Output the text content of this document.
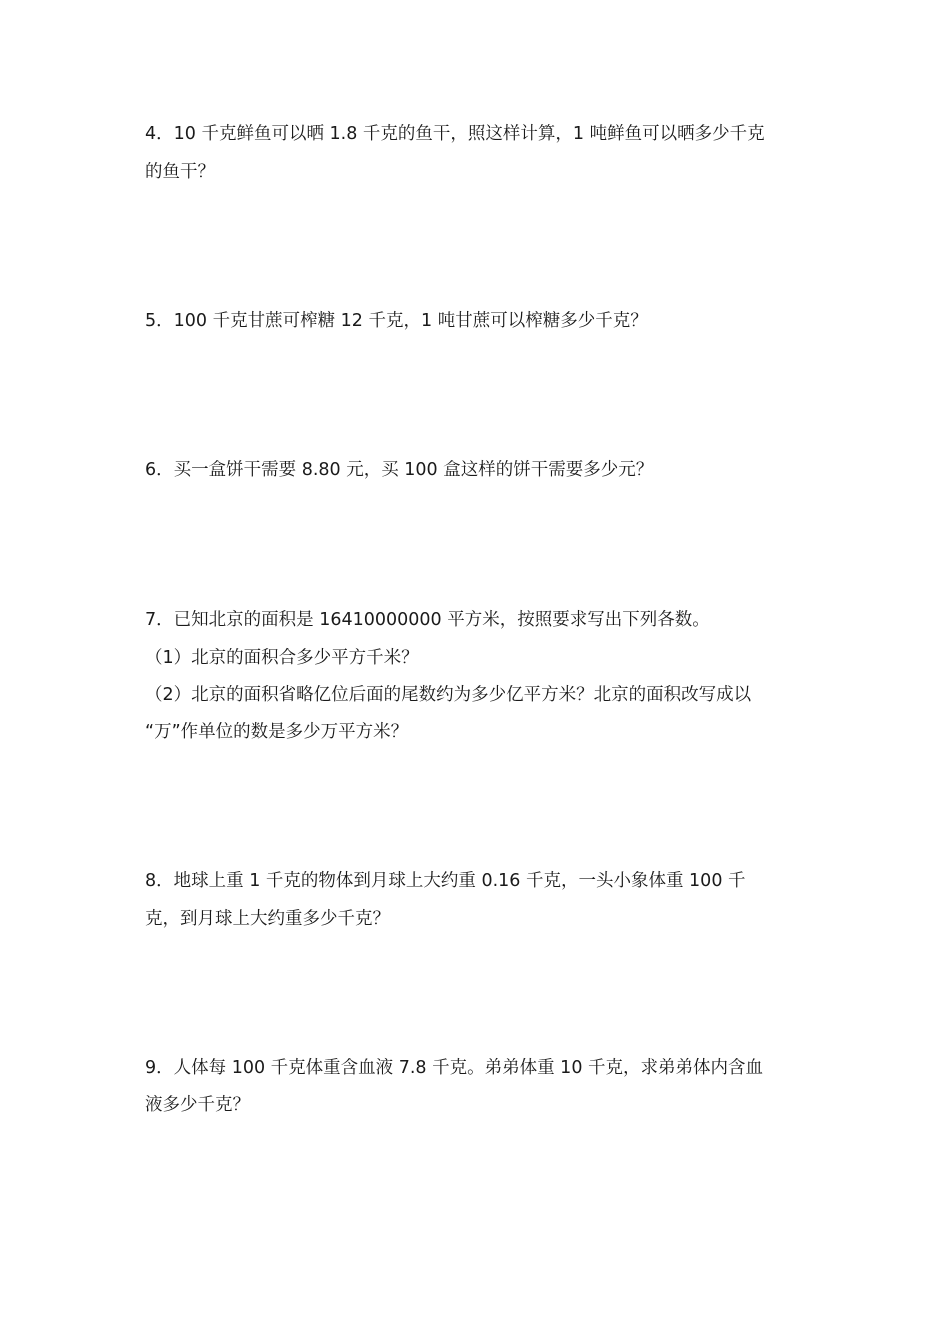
4．10 千克鲜鱼可以晒 1.8 千克的鱼干，照这样计算，1 吨鲜鱼可以晒多少千克
的鱼干？
5．100 千克甘蔗可榨糖 12 千克，1 吨甘蔗可以榨糖多少千克？
6．买一盒饼干需要 8.80 元，买 100 盒这样的饼干需要多少元？
7．已知北京的面积是 16410000000 平方米，按照要求写出下列各数。
（1）北京的面积合多少平方千米？
（2）北京的面积省略亿位后面的尾数约为多少亿平方米？北京的面积改写成以
“万”作单位的数是多少万平方米？
8．地球上重 1 千克的物体到月球上大约重 0.16 千克，一头小象体重 100 千
克，到月球上大约重多少千克？
9．人体每 100 千克体重含血液 7.8 千克。弟弟体重 10 千克，求弟弟体内含血
液多少千克？
